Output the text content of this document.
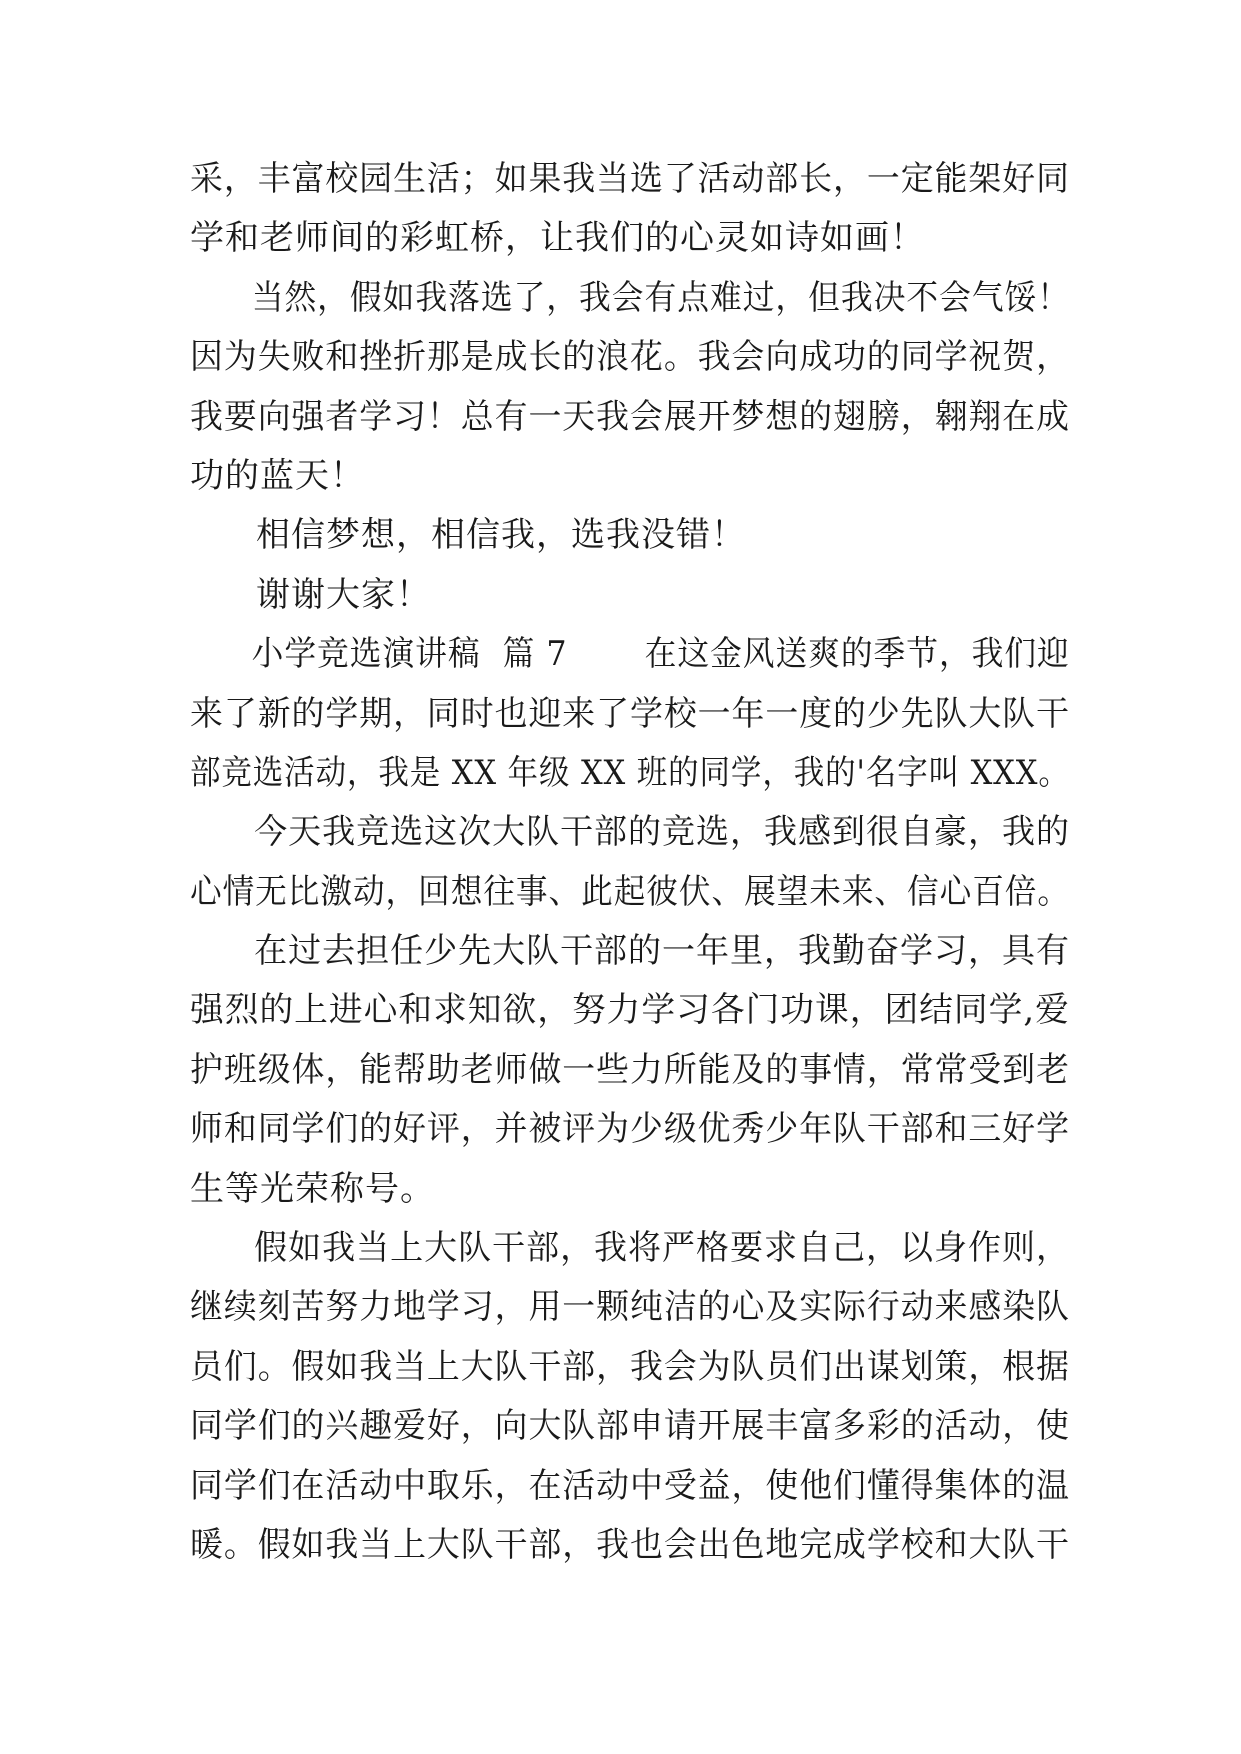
采，丰富校园生活；如果我当选了活动部长，一定能架好同
学和老师间的彩虹桥，让我们的心灵如诗如画！
当然，假如我落选了，我会有点难过，但我决不会气馁！
因为失败和挫折那是成长的浪花。我会向成功的同学祝贺，
我要向强者学习！总有一天我会展开梦想的翅膀，翱翔在成
功的蓝天！
相信梦想，相信我，选我没错！
谢谢大家！
小学竞选演讲稿  篇 7       在这金风送爽的季节，我们迎
来了新的学期，同时也迎来了学校一年一度的少先队大队干
部竞选活动，我是 XX 年级 XX 班的同学，我的'名字叫 XXX。
今天我竞选这次大队干部的竞选，我感到很自豪，我的
心情无比激动，回想往事、此起彼伏、展望未来、信心百倍。
在过去担任少先大队干部的一年里，我勤奋学习，具有
强烈的上进心和求知欲，努力学习各门功课，团结同学,爱
护班级体，能帮助老师做一些力所能及的事情，常常受到老
师和同学们的好评，并被评为少级优秀少年队干部和三好学
生等光荣称号。
假如我当上大队干部，我将严格要求自己，以身作则，
继续刻苦努力地学习，用一颗纯洁的心及实际行动来感染队
员们。假如我当上大队干部，我会为队员们出谋划策，根据
同学们的兴趣爱好，向大队部申请开展丰富多彩的活动，使
同学们在活动中取乐，在活动中受益，使他们懂得集体的温
暖。假如我当上大队干部，我也会出色地完成学校和大队干
